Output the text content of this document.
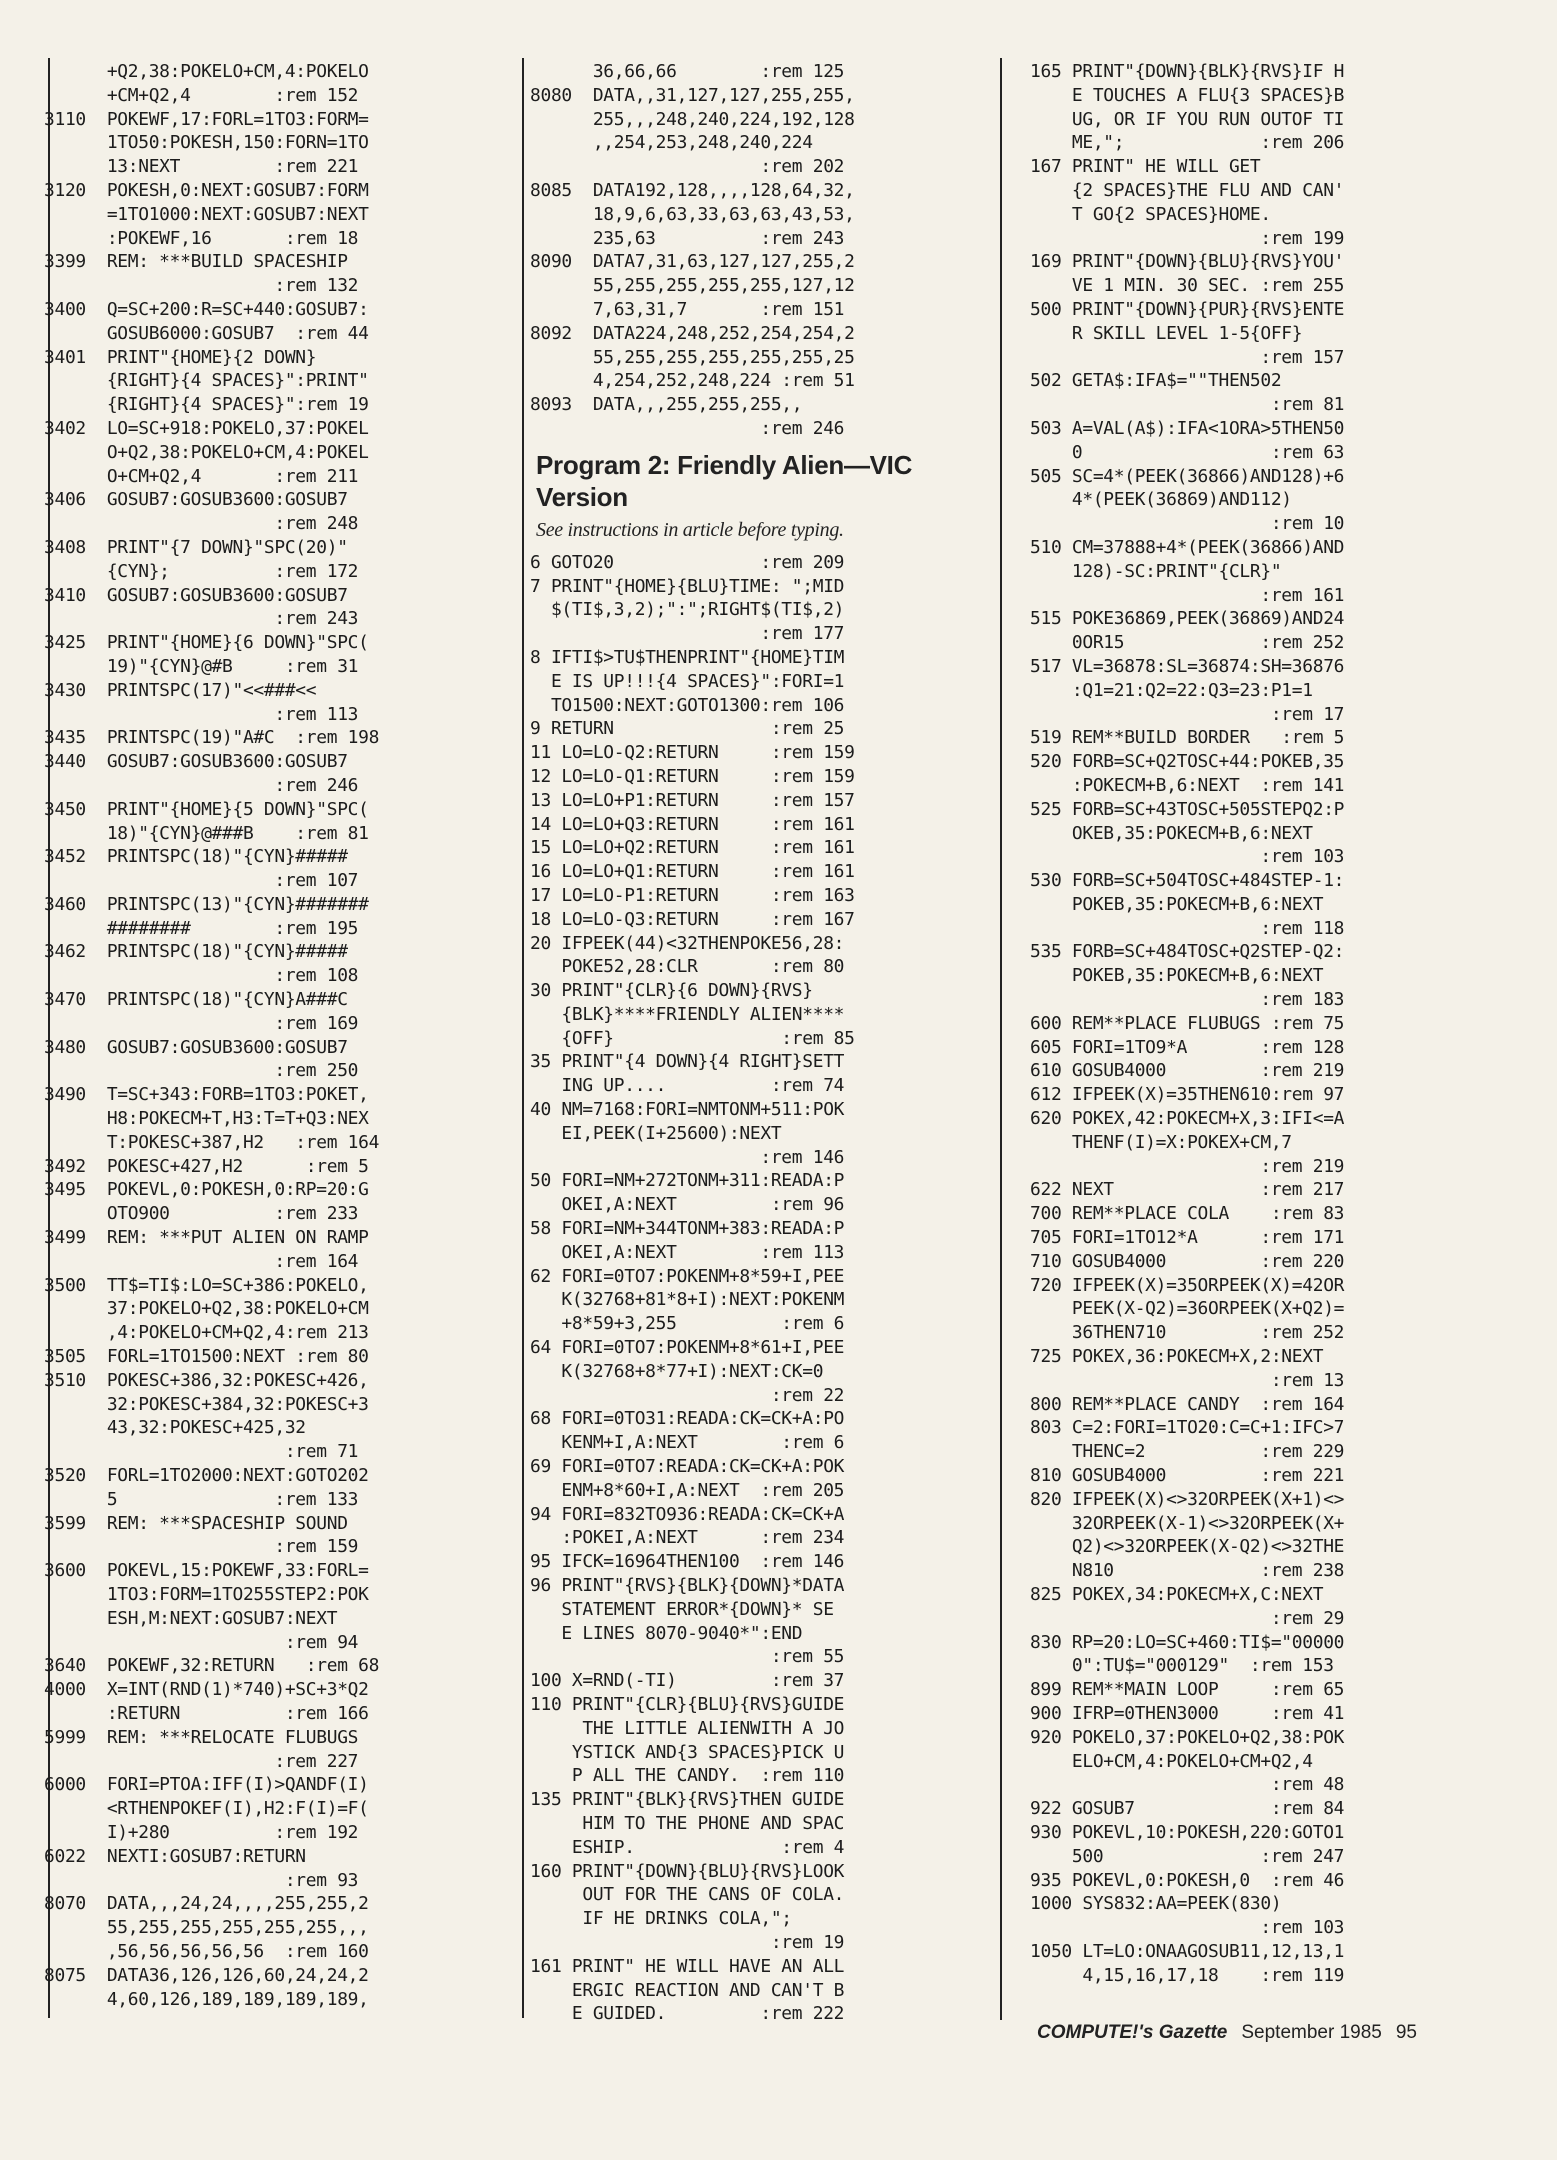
+Q2,38:POKELO+CM,4:POKELO
+CM+Q2,4        :rem 152
3110  POKEWF,17:FORL=1TO3:FORM=
1TO50:POKESH,150:FORN=1TO
13:NEXT         :rem 221
3120  POKESH,0:NEXT:GOSUB7:FORM
=1TO1000:NEXT:GOSUB7:NEXT
:POKEWF,16       :rem 18
3399  REM: ***BUILD SPACESHIP
:rem 132
3400  Q=SC+200:R=SC+440:GOSUB7:
GOSUB6000:GOSUB7  :rem 44
3401  PRINT"{HOME}{2 DOWN}
{RIGHT}{4 SPACES}":PRINT"
{RIGHT}{4 SPACES}":rem 19
3402  LO=SC+918:POKELO,37:POKEL
O+Q2,38:POKELO+CM,4:POKEL
O+CM+Q2,4       :rem 211
3406  GOSUB7:GOSUB3600:GOSUB7
:rem 248
3408  PRINT"{7 DOWN}"SPC(20)"
{CYN};          :rem 172
3410  GOSUB7:GOSUB3600:GOSUB7
:rem 243
3425  PRINT"{HOME}{6 DOWN}"SPC(
19)"{CYN}@#B     :rem 31
3430  PRINTSPC(17)"<<###<<
:rem 113
3435  PRINTSPC(19)"A#C  :rem 198
3440  GOSUB7:GOSUB3600:GOSUB7
:rem 246
3450  PRINT"{HOME}{5 DOWN}"SPC(
18)"{CYN}@###B    :rem 81
3452  PRINTSPC(18)"{CYN}#####
:rem 107
3460  PRINTSPC(13)"{CYN}#######
########        :rem 195
3462  PRINTSPC(18)"{CYN}#####
:rem 108
3470  PRINTSPC(18)"{CYN}A###C
:rem 169
3480  GOSUB7:GOSUB3600:GOSUB7
:rem 250
3490  T=SC+343:FORB=1TO3:POKET,
H8:POKECM+T,H3:T=T+Q3:NEX
T:POKESC+387,H2   :rem 164
3492  POKESC+427,H2      :rem 5
3495  POKEVL,0:POKESH,0:RP=20:G
OTO900          :rem 233
3499  REM: ***PUT ALIEN ON RAMP
:rem 164
3500  TT$=TI$:LO=SC+386:POKELO,
37:POKELO+Q2,38:POKELO+CM
,4:POKELO+CM+Q2,4:rem 213
3505  FORL=1TO1500:NEXT :rem 80
3510  POKESC+386,32:POKESC+426,
32:POKESC+384,32:POKESC+3
43,32:POKESC+425,32
:rem 71
3520  FORL=1TO2000:NEXT:GOTO202
5               :rem 133
3599  REM: ***SPACESHIP SOUND
:rem 159
3600  POKEVL,15:POKEWF,33:FORL=
1TO3:FORM=1TO255STEP2:POK
ESH,M:NEXT:GOSUB7:NEXT
:rem 94
3640  POKEWF,32:RETURN   :rem 68
4000  X=INT(RND(1)*740)+SC+3*Q2
:RETURN          :rem 166
5999  REM: ***RELOCATE FLUBUGS
:rem 227
6000  FORI=PTOA:IFF(I)>QANDF(I)
<RTHENPOKEF(I),H2:F(I)=F(
I)+280          :rem 192
6022  NEXTI:GOSUB7:RETURN
:rem 93
8070  DATA,,,24,24,,,,255,255,2
55,255,255,255,255,255,,,
,56,56,56,56,56  :rem 160
8075  DATA36,126,126,60,24,24,2
4,60,126,189,189,189,189,
36,66,66        :rem 125
8080  DATA,,31,127,127,255,255,
255,,,248,240,224,192,128
,,254,253,248,240,224
:rem 202
8085  DATA192,128,,,,128,64,32,
18,9,6,63,33,63,63,43,53,
235,63          :rem 243
8090  DATA7,31,63,127,127,255,2
55,255,255,255,255,127,12
7,63,31,7       :rem 151
8092  DATA224,248,252,254,254,2
55,255,255,255,255,255,25
4,254,252,248,224 :rem 51
8093  DATA,,,255,255,255,,
:rem 246
Program 2: Friendly Alien—VIC
Version
See instructions in article before typing.
6 GOTO20              :rem 209
7 PRINT"{HOME}{BLU}TIME: ";MID
$(TI$,3,2);":";RIGHT$(TI$,2)
:rem 177
8 IFTI$>TU$THENPRINT"{HOME}TIM
E IS UP!!!{4 SPACES}":FORI=1
TO1500:NEXT:GOTO1300:rem 106
9 RETURN               :rem 25
11 LO=LO-Q2:RETURN     :rem 159
12 LO=LO-Q1:RETURN     :rem 159
13 LO=LO+P1:RETURN     :rem 157
14 LO=LO+Q3:RETURN     :rem 161
15 LO=LO+Q2:RETURN     :rem 161
16 LO=LO+Q1:RETURN     :rem 161
17 LO=LO-P1:RETURN     :rem 163
18 LO=LO-Q3:RETURN     :rem 167
20 IFPEEK(44)<32THENPOKE56,28:
POKE52,28:CLR       :rem 80
30 PRINT"{CLR}{6 DOWN}{RVS}
{BLK}****FRIENDLY ALIEN****
{OFF}                :rem 85
35 PRINT"{4 DOWN}{4 RIGHT}SETT
ING UP....          :rem 74
40 NM=7168:FORI=NMTONM+511:POK
EI,PEEK(I+25600):NEXT
:rem 146
50 FORI=NM+272TONM+311:READA:P
OKEI,A:NEXT         :rem 96
58 FORI=NM+344TONM+383:READA:P
OKEI,A:NEXT        :rem 113
62 FORI=0TO7:POKENM+8*59+I,PEE
K(32768+81*8+I):NEXT:POKENM
+8*59+3,255          :rem 6
64 FORI=0TO7:POKENM+8*61+I,PEE
K(32768+8*77+I):NEXT:CK=0
:rem 22
68 FORI=0TO31:READA:CK=CK+A:PO
KENM+I,A:NEXT        :rem 6
69 FORI=0TO7:READA:CK=CK+A:POK
ENM+8*60+I,A:NEXT  :rem 205
94 FORI=832TO936:READA:CK=CK+A
:POKEI,A:NEXT      :rem 234
95 IFCK=16964THEN100  :rem 146
96 PRINT"{RVS}{BLK}{DOWN}*DATA
STATEMENT ERROR*{DOWN}* SE
E LINES 8070-9040*":END
:rem 55
100 X=RND(-TI)         :rem 37
110 PRINT"{CLR}{BLU}{RVS}GUIDE
THE LITTLE ALIENWITH A JO
YSTICK AND{3 SPACES}PICK U
P ALL THE CANDY.  :rem 110
135 PRINT"{BLK}{RVS}THEN GUIDE
HIM TO THE PHONE AND SPAC
ESHIP.              :rem 4
160 PRINT"{DOWN}{BLU}{RVS}LOOK
OUT FOR THE CANS OF COLA.
IF HE DRINKS COLA,";
:rem 19
161 PRINT" HE WILL HAVE AN ALL
ERGIC REACTION AND CAN'T B
E GUIDED.         :rem 222
165 PRINT"{DOWN}{BLK}{RVS}IF H
E TOUCHES A FLU{3 SPACES}B
UG, OR IF YOU RUN OUTOF TI
ME,";             :rem 206
167 PRINT" HE WILL GET
{2 SPACES}THE FLU AND CAN'
T GO{2 SPACES}HOME.
:rem 199
169 PRINT"{DOWN}{BLU}{RVS}YOU'
VE 1 MIN. 30 SEC. :rem 255
500 PRINT"{DOWN}{PUR}{RVS}ENTE
R SKILL LEVEL 1-5{OFF}
:rem 157
502 GETA$:IFA$=""THEN502
:rem 81
503 A=VAL(A$):IFA<1ORA>5THEN50
0                  :rem 63
505 SC=4*(PEEK(36866)AND128)+6
4*(PEEK(36869)AND112)
:rem 10
510 CM=37888+4*(PEEK(36866)AND
128)-SC:PRINT"{CLR}"
:rem 161
515 POKE36869,PEEK(36869)AND24
0OR15             :rem 252
517 VL=36878:SL=36874:SH=36876
:Q1=21:Q2=22:Q3=23:P1=1
:rem 17
519 REM**BUILD BORDER   :rem 5
520 FORB=SC+Q2TOSC+44:POKEB,35
:POKECM+B,6:NEXT  :rem 141
525 FORB=SC+43TOSC+505STEPQ2:P
OKEB,35:POKECM+B,6:NEXT
:rem 103
530 FORB=SC+504TOSC+484STEP-1:
POKEB,35:POKECM+B,6:NEXT
:rem 118
535 FORB=SC+484TOSC+Q2STEP-Q2:
POKEB,35:POKECM+B,6:NEXT
:rem 183
600 REM**PLACE FLUBUGS :rem 75
605 FORI=1TO9*A       :rem 128
610 GOSUB4000         :rem 219
612 IFPEEK(X)=35THEN610:rem 97
620 POKEX,42:POKECM+X,3:IFI<=A
THENF(I)=X:POKEX+CM,7
:rem 219
622 NEXT              :rem 217
700 REM**PLACE COLA    :rem 83
705 FORI=1TO12*A      :rem 171
710 GOSUB4000         :rem 220
720 IFPEEK(X)=35ORPEEK(X)=42OR
PEEK(X-Q2)=36ORPEEK(X+Q2)=
36THEN710         :rem 252
725 POKEX,36:POKECM+X,2:NEXT
:rem 13
800 REM**PLACE CANDY  :rem 164
803 C=2:FORI=1TO20:C=C+1:IFC>7
THENC=2           :rem 229
810 GOSUB4000         :rem 221
820 IFPEEK(X)<>32ORPEEK(X+1)<>
32ORPEEK(X-1)<>32ORPEEK(X+
Q2)<>32ORPEEK(X-Q2)<>32THE
N810              :rem 238
825 POKEX,34:POKECM+X,C:NEXT
:rem 29
830 RP=20:LO=SC+460:TI$="00000
0":TU$="000129"  :rem 153
899 REM**MAIN LOOP     :rem 65
900 IFRP=0THEN3000     :rem 41
920 POKELO,37:POKELO+Q2,38:POK
ELO+CM,4:POKELO+CM+Q2,4
:rem 48
922 GOSUB7             :rem 84
930 POKEVL,10:POKESH,220:GOTO1
500               :rem 247
935 POKEVL,0:POKESH,0  :rem 46
1000 SYS832:AA=PEEK(830)
:rem 103
1050 LT=LO:ONAAGOSUB11,12,13,1
4,15,16,17,18    :rem 119
COMPUTE!'s Gazette September 1985 95
